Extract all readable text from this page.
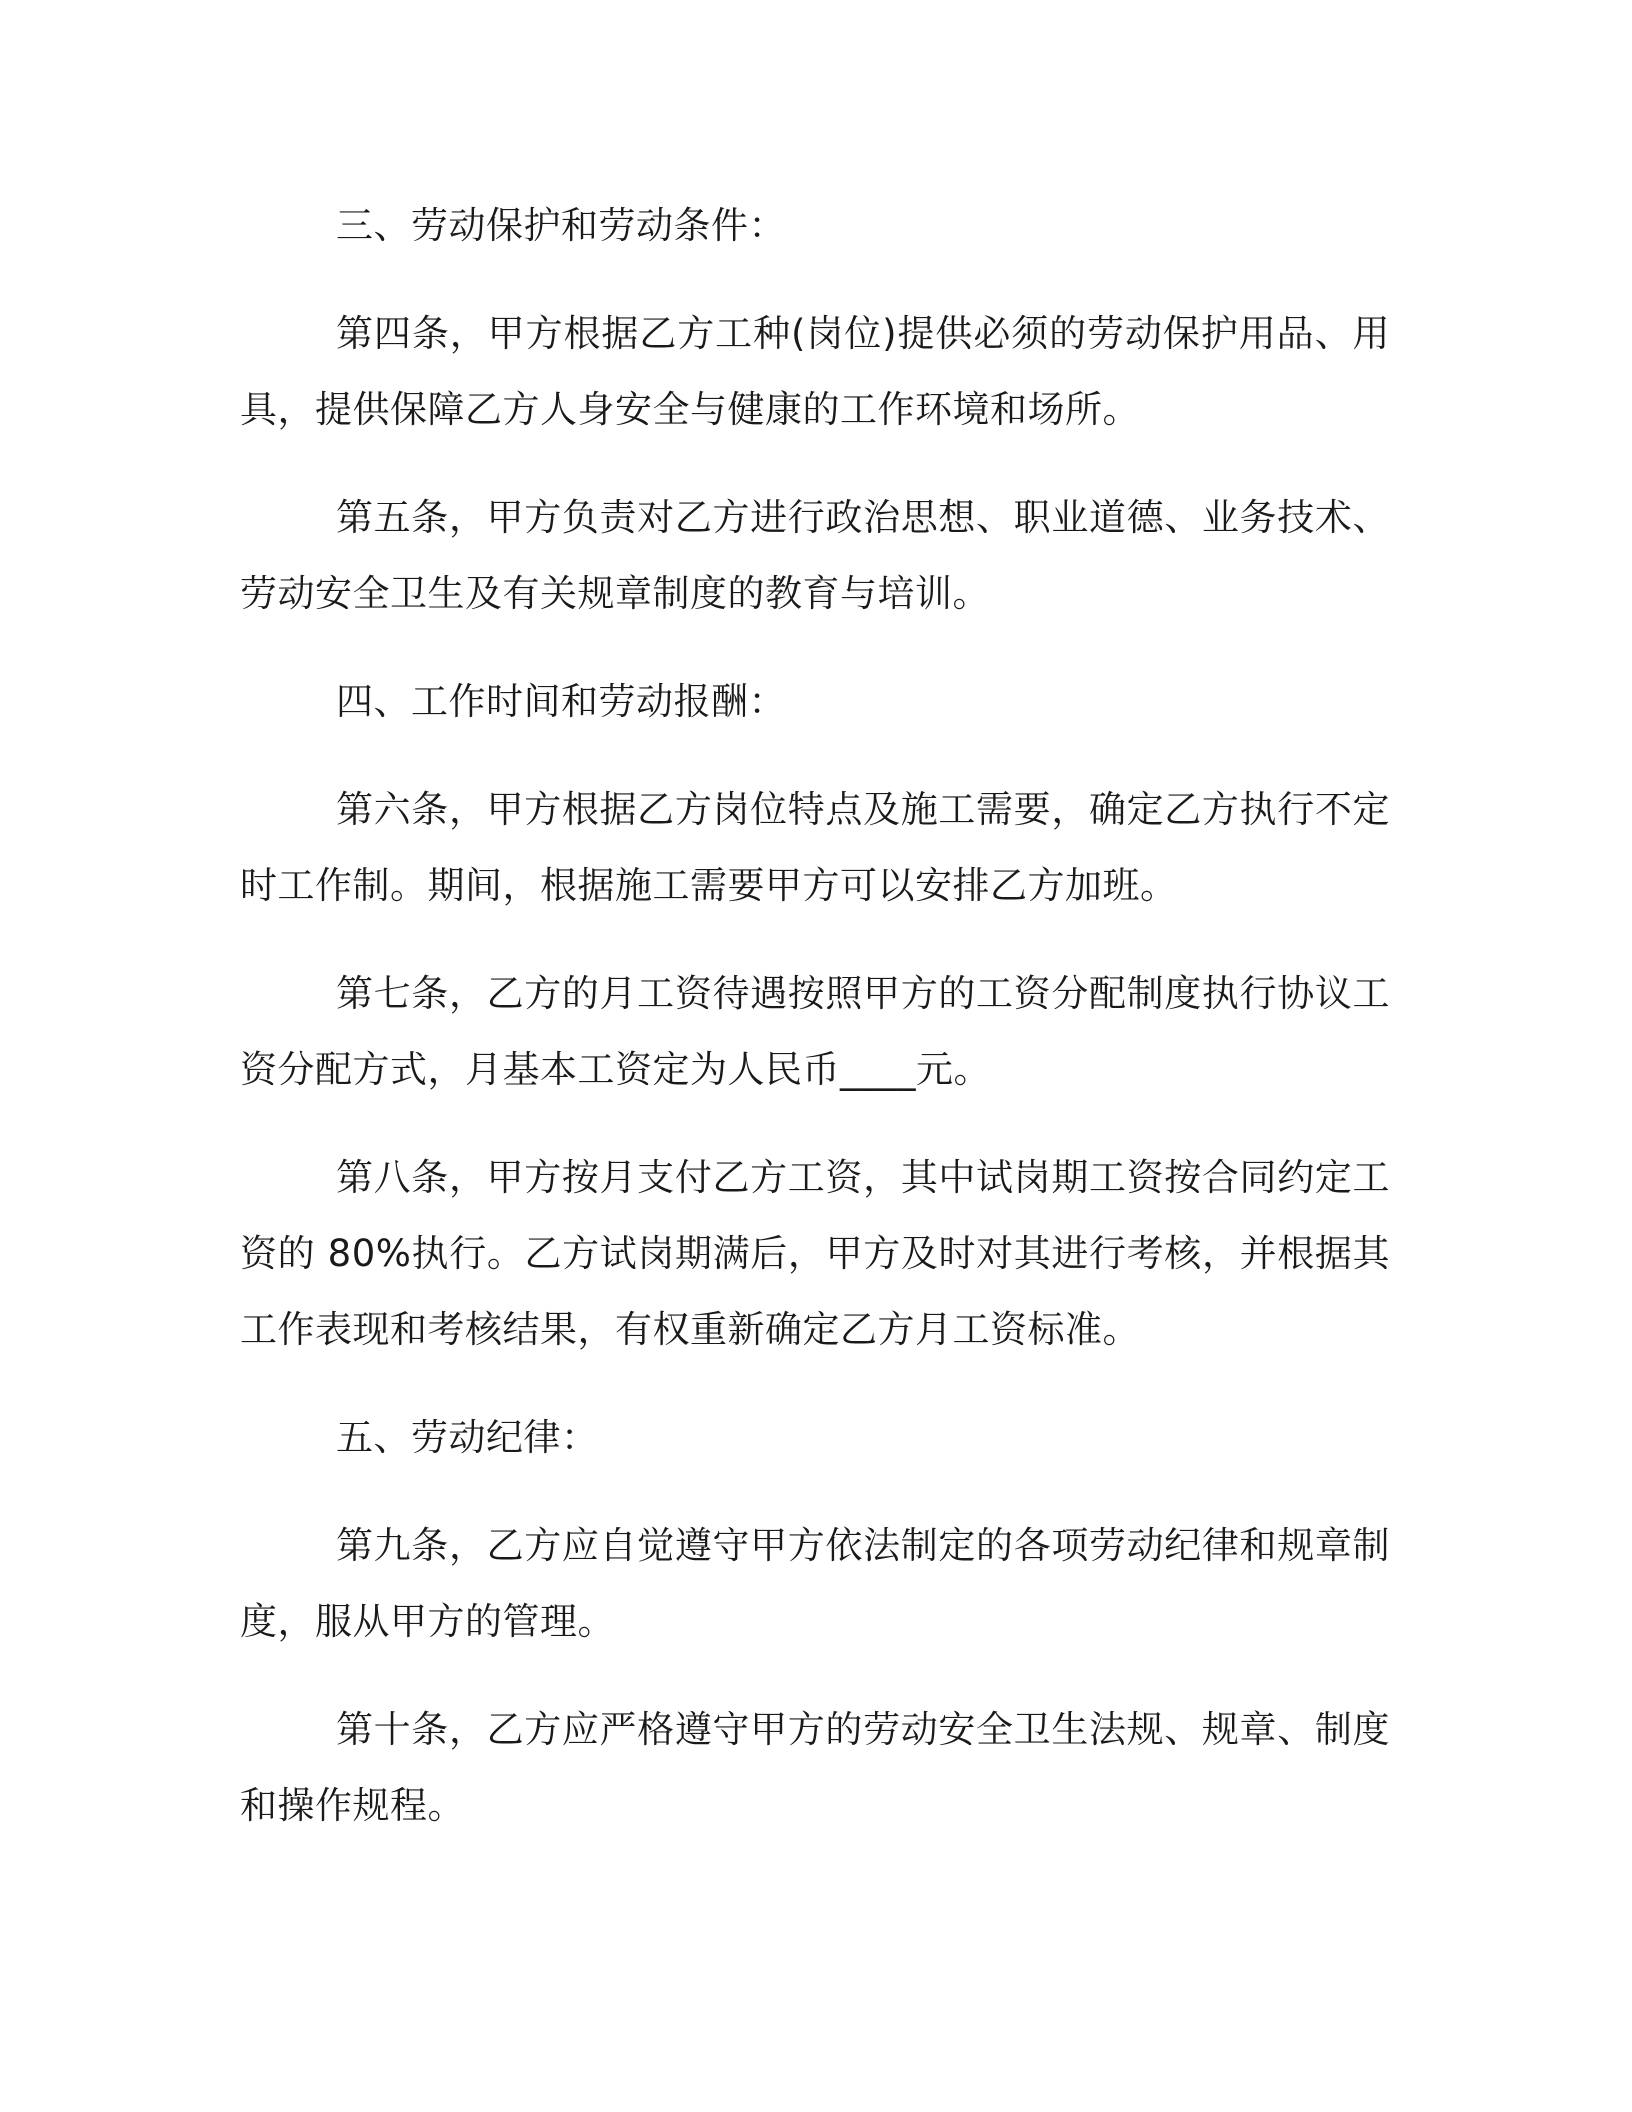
三、劳动保护和劳动条件：

第四条，甲方根据乙方工种(岗位)提供必须的劳动保护用品、用具，提供保障乙方人身安全与健康的工作环境和场所。

第五条，甲方负责对乙方进行政治思想、职业道德、业务技术、劳动安全卫生及有关规章制度的教育与培训。

四、工作时间和劳动报酬：

第六条，甲方根据乙方岗位特点及施工需要，确定乙方执行不定时工作制。期间，根据施工需要甲方可以安排乙方加班。

第七条，乙方的月工资待遇按照甲方的工资分配制度执行协议工资分配方式，月基本工资定为人民币____元。

第八条，甲方按月支付乙方工资，其中试岗期工资按合同约定工资的 80%执行。乙方试岗期满后，甲方及时对其进行考核，并根据其工作表现和考核结果，有权重新确定乙方月工资标准。

五、劳动纪律：

第九条，乙方应自觉遵守甲方依法制定的各项劳动纪律和规章制度，服从甲方的管理。

第十条，乙方应严格遵守甲方的劳动安全卫生法规、规章、制度和操作规程。
